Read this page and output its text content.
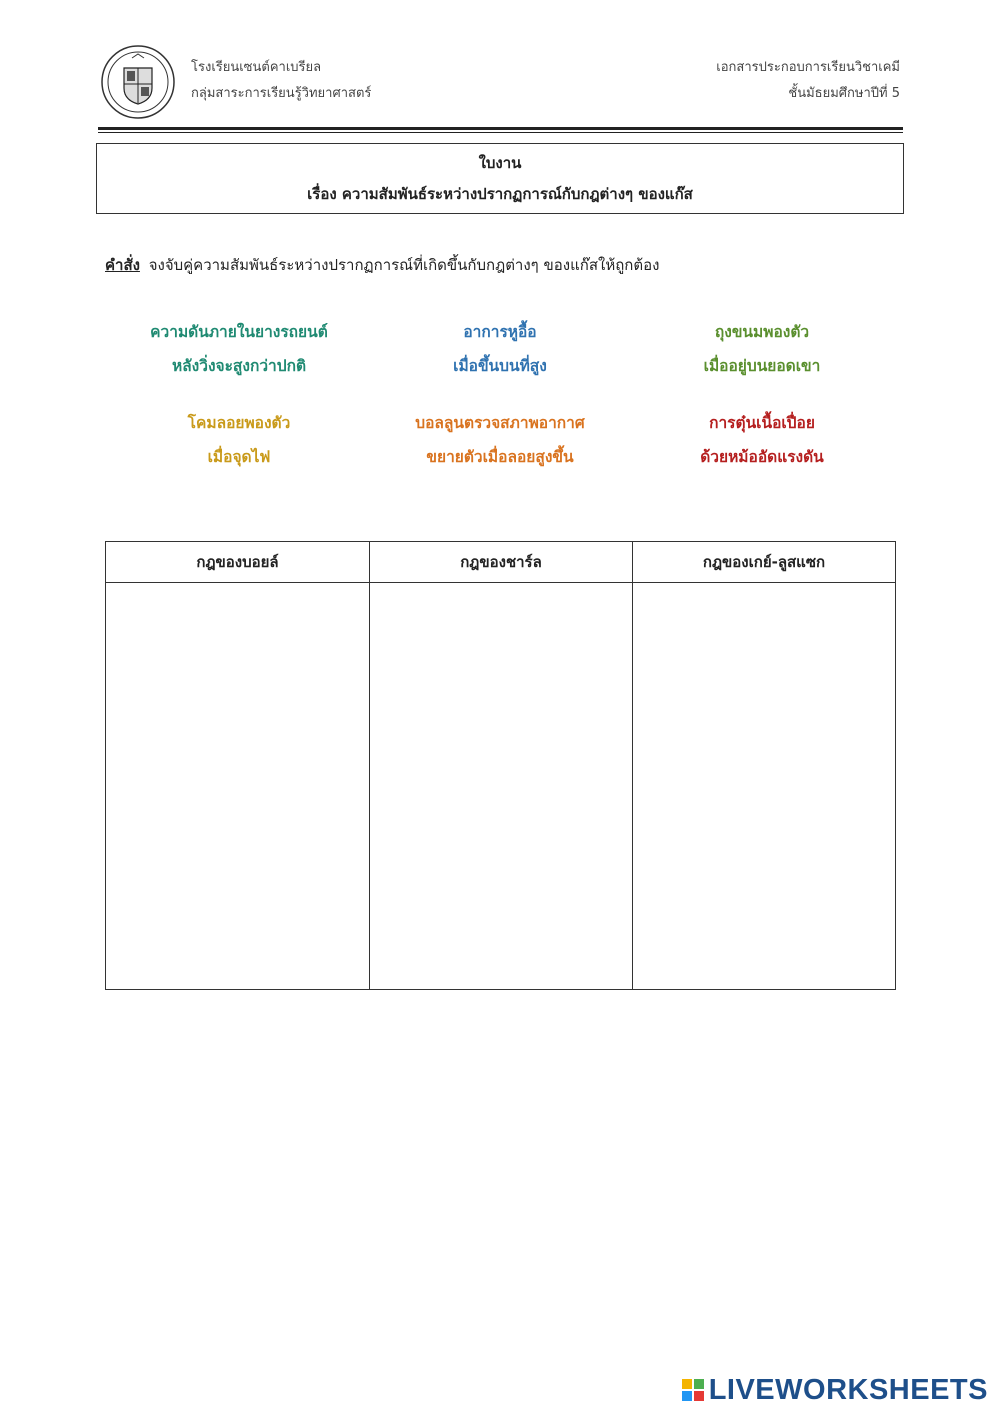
โรงเรียนเซนต์คาเบรียล
กลุ่มสาระการเรียนรู้วิทยาศาสตร์
เอกสารประกอบการเรียนวิชาเคมี
ชั้นมัธยมศึกษาปีที่ 5
ใบงาน
เรื่อง ความสัมพันธ์ระหว่างปรากฏการณ์กับกฎต่างๆ ของแก๊ส
คำสั่ง จงจับคู่ความสัมพันธ์ระหว่างปรากฏการณ์ที่เกิดขึ้นกับกฎต่างๆ ของแก๊สให้ถูกต้อง
ความดันภายในยางรถยนต์
หลังวิ่งจะสูงกว่าปกติ
อาการหูอื้อ
เมื่อขึ้นบนที่สูง
ถุงขนมพองตัว
เมื่ออยู่บนยอดเขา
โคมลอยพองตัว
เมื่อจุดไฟ
บอลลูนตรวจสภาพอากาศ
ขยายตัวเมื่อลอยสูงขึ้น
การตุ๋นเนื้อเปื่อย
ด้วยหม้ออัดแรงดัน
กฎของบอยล์	กฎของชาร์ล	กฎของเกย์-ลูสแซก
LIVEWORKSHEETS
